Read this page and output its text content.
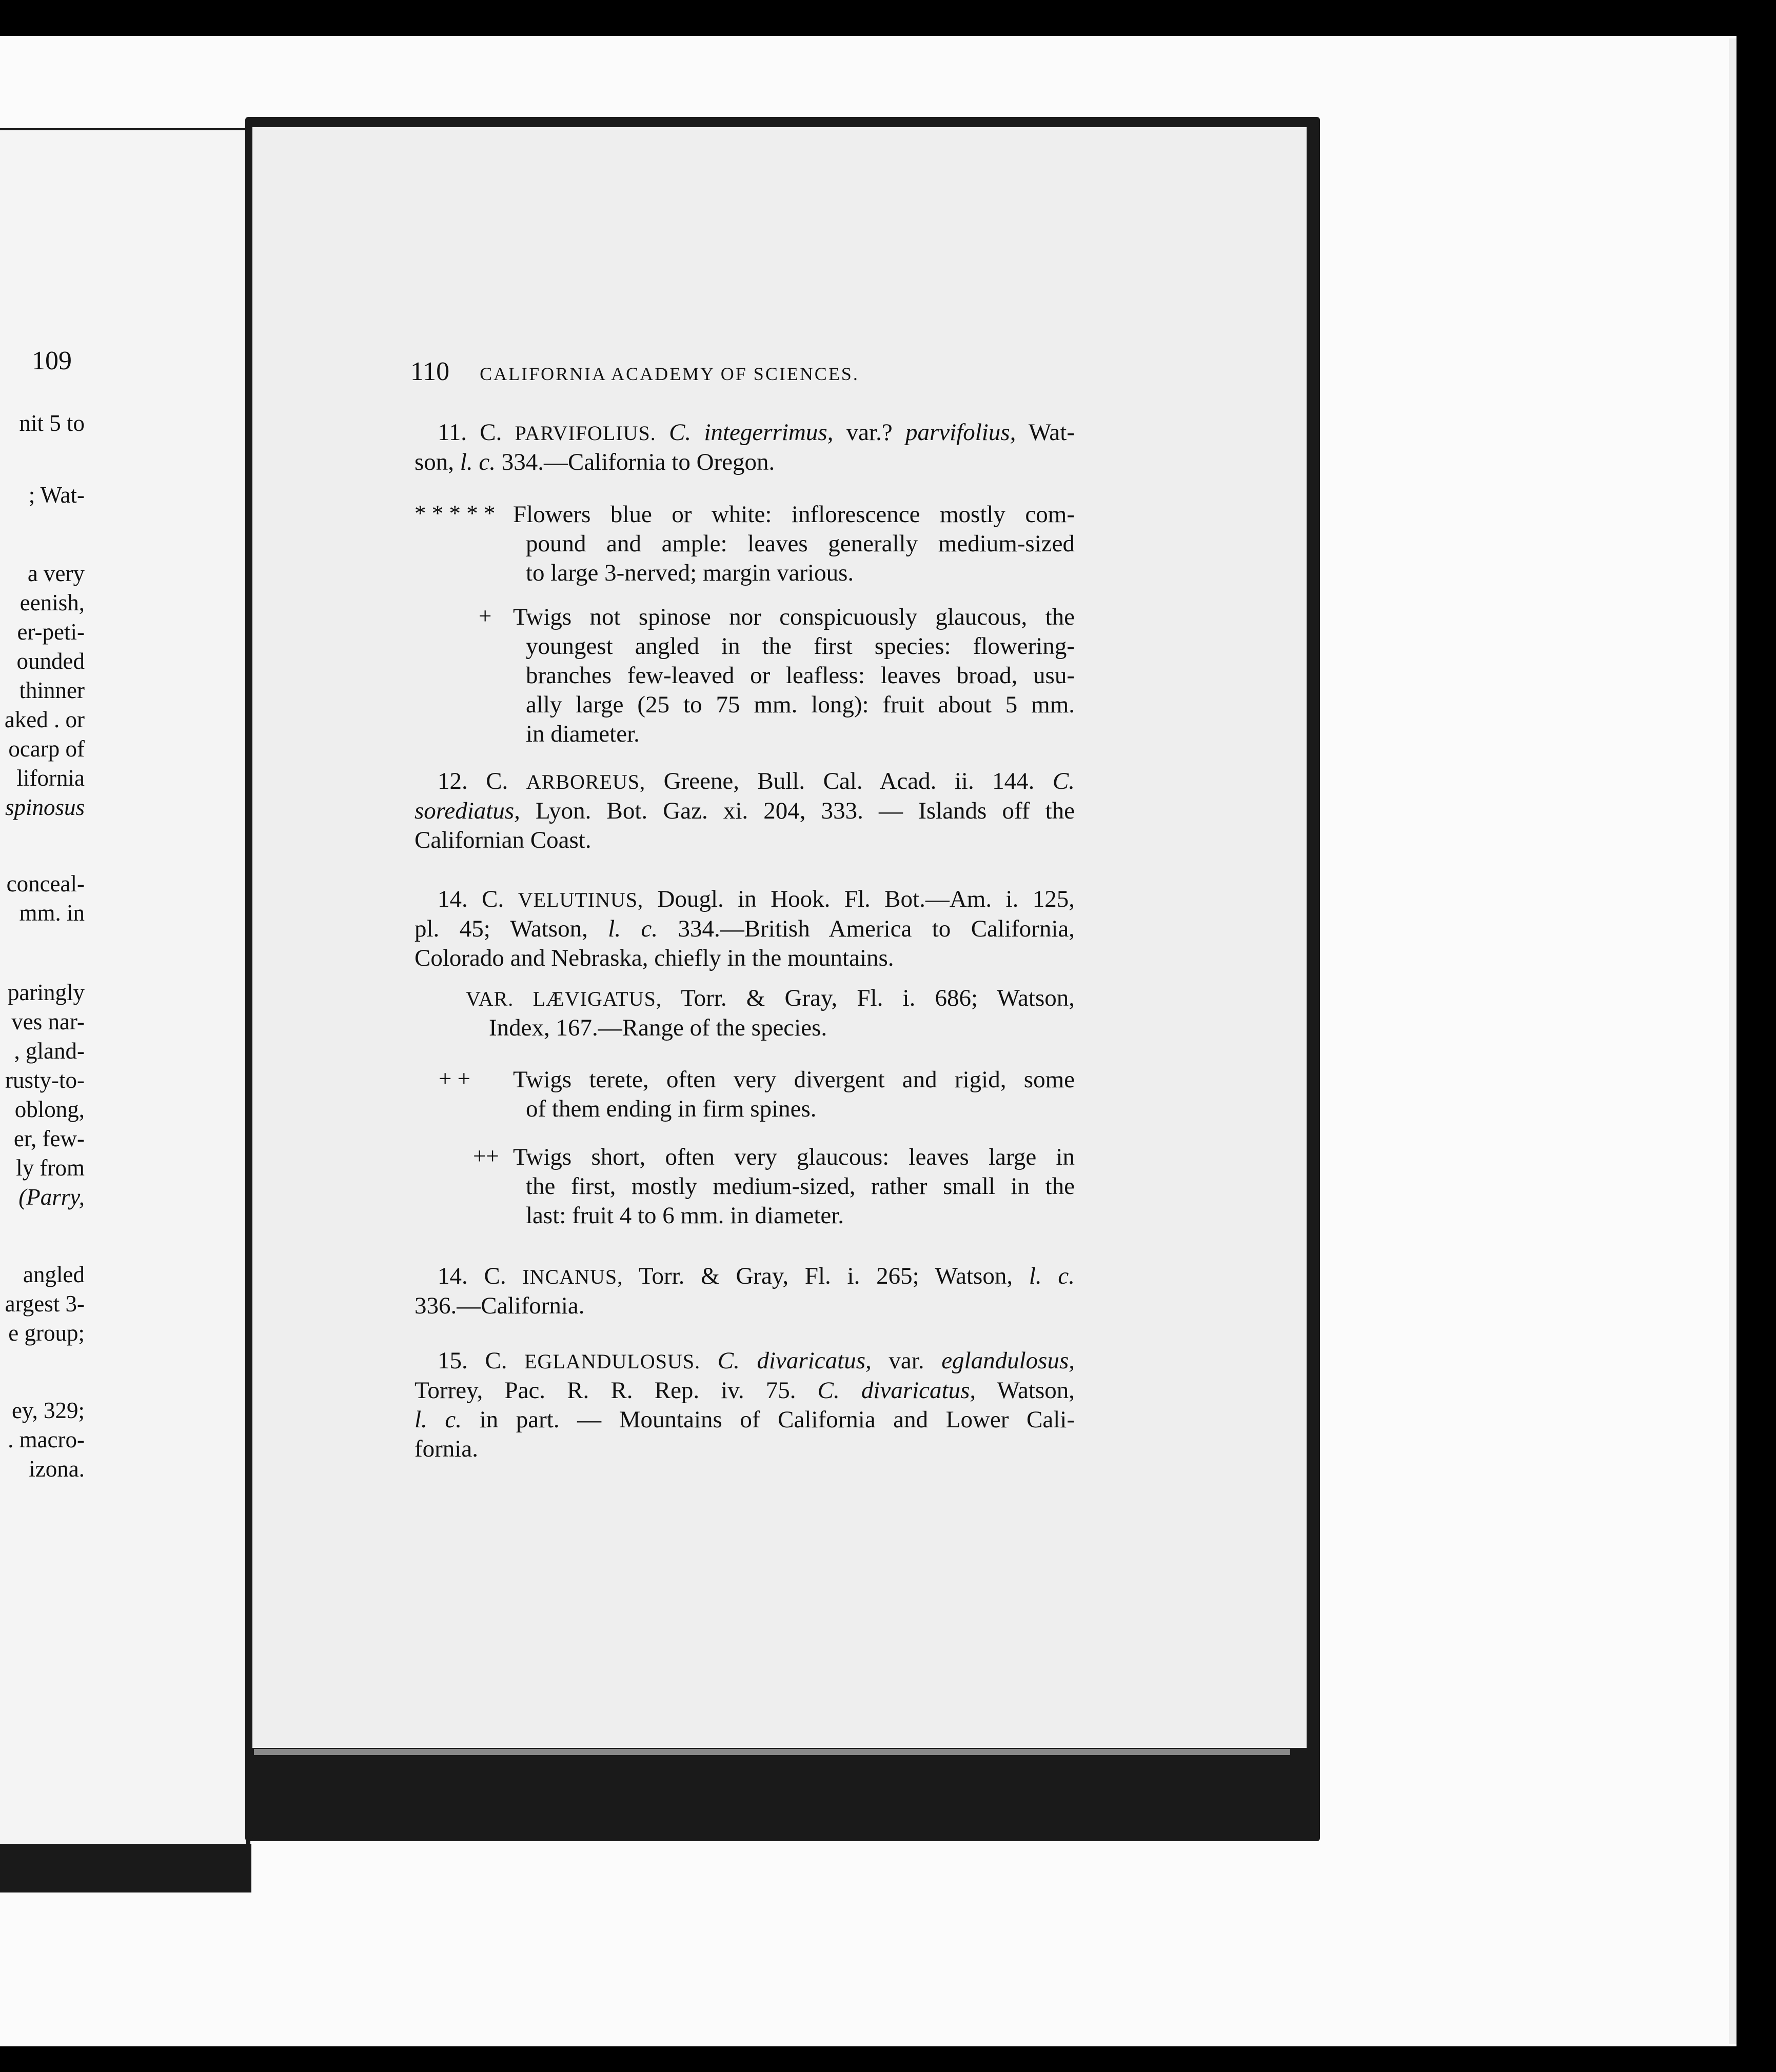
109
nit 5 to
; Wat-
a very
eenish,
er-peti-
ounded
thinner
aked . or
ocarp of
lifornia
spinosus
conceal-
mm. in
paringly
ves nar-
, gland-
rusty-to-
oblong,
er, few-
ly from
(Parry,
angled
argest 3-
e group;
ey, 329;
. macro-
izona.
110 CALIFORNIA ACADEMY OF SCIENCES.
11. C. PARVIFOLIUS. C. integerrimus, var.? parvifolius, Wat-
son, l. c. 334.—California to Oregon.
* * * * * Flowers blue or white: inflorescence mostly com-
pound and ample: leaves generally medium-sized
to large 3-nerved; margin various.
+ Twigs not spinose nor conspicuously glaucous, the
youngest angled in the first species: flowering-
branches few-leaved or leafless: leaves broad, usu-
ally large (25 to 75 mm. long): fruit about 5 mm.
in diameter.
12. C. ARBOREUS, Greene, Bull. Cal. Acad. ii. 144. C.
sorediatus, Lyon. Bot. Gaz. xi. 204, 333. — Islands off the
Californian Coast.
14. C. VELUTINUS, Dougl. in Hook. Fl. Bot.—Am. i. 125,
pl. 45; Watson, l. c. 334.—British America to California,
Colorado and Nebraska, chiefly in the mountains.
VAR. LÆVIGATUS, Torr. & Gray, Fl. i. 686; Watson,
Index, 167.—Range of the species.
+ + Twigs terete, often very divergent and rigid, some
of them ending in firm spines.
++ Twigs short, often very glaucous: leaves large in
the first, mostly medium-sized, rather small in the
last: fruit 4 to 6 mm. in diameter.
14. C. INCANUS, Torr. & Gray, Fl. i. 265; Watson, l. c.
336.—California.
15. C. EGLANDULOSUS. C. divaricatus, var. eglandulosus,
Torrey, Pac. R. R. Rep. iv. 75. C. divaricatus, Watson,
l. c. in part. — Mountains of California and Lower Cali-
fornia.
